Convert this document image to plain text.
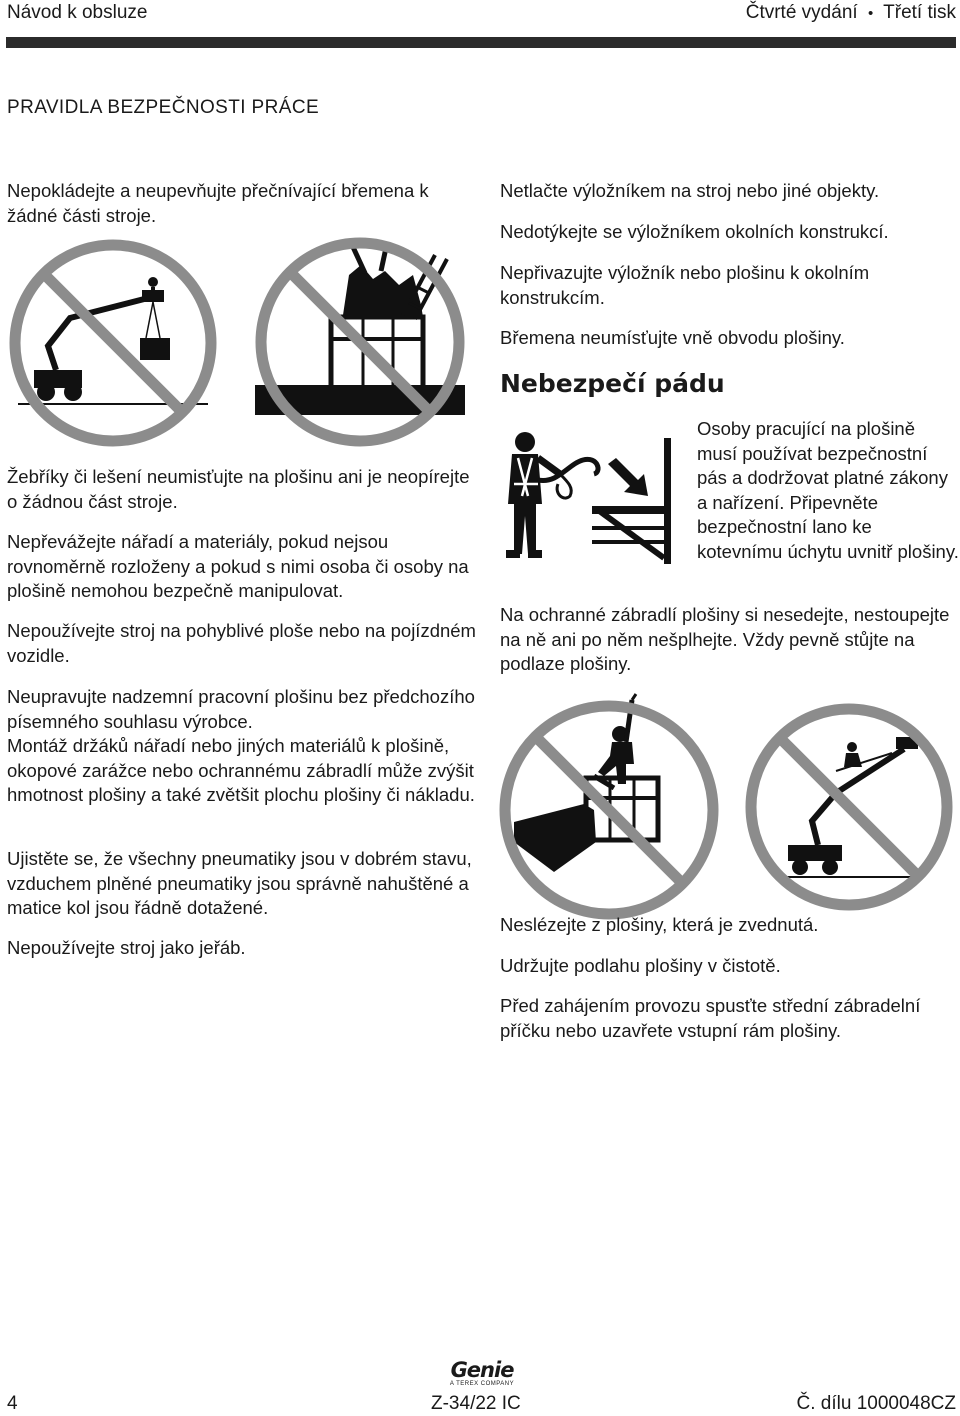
Návod k obsluze	Čtvrté vydání • Třetí tisk
PRAVIDLA BEZPEČNOSTI PRÁCE
Nepokládejte a neupevňujte přečnívající břemena k žádné části stroje.
Žebříky či lešení neumisťujte na plošinu ani je neopírejte o žádnou část stroje.
Nepřevážejte nářadí a materiály, pokud nejsou rovnoměrně rozloženy a pokud s nimi osoba či osoby na plošině nemohou bezpečně manipulovat.
Nepoužívejte stroj na pohyblivé ploše nebo na pojízdném vozidle.
Neupravujte nadzemní pracovní plošinu bez předchozího písemného souhlasu výrobce.
Montáž držáků nářadí nebo jiných materiálů k plošině, okopové zarážce nebo ochrannému zábradlí může zvýšit hmotnost plošiny a také zvětšit plochu plošiny či nákladu.
Ujistěte se, že všechny pneumatiky jsou v dobrém stavu, vzduchem plněné pneumatiky jsou správně nahuštěné a matice kol jsou řádně dotažené.
Nepoužívejte stroj jako jeřáb.
Netlačte výložníkem na stroj nebo jiné objekty.
Nedotýkejte se výložníkem okolních konstrukcí.
Nepřivazujte výložník nebo plošinu k okolním konstrukcím.
Břemena neumísťujte vně obvodu plošiny.
Nebezpečí pádu
Osoby pracující na plošině musí používat bezpečnostní pás a dodržovat platné zákony a nařízení. Připevněte bezpečnostní lano ke kotevnímu úchytu uvnitř plošiny.
Na ochranné zábradlí plošiny si nesedejte, nestoupejte na ně ani po něm nešplhejte. Vždy pevně stůjte na podlaze plošiny.
Neslézejte z plošiny, která je zvednutá.
Udržujte podlahu plošiny v čistotě.
Před zahájením provozu spusťte střední zábradelní příčku nebo uzavřete vstupní rám plošiny.
Genie
A TEREX COMPANY
4	Z-34/22 IC	Č. dílu 1000048CZ
